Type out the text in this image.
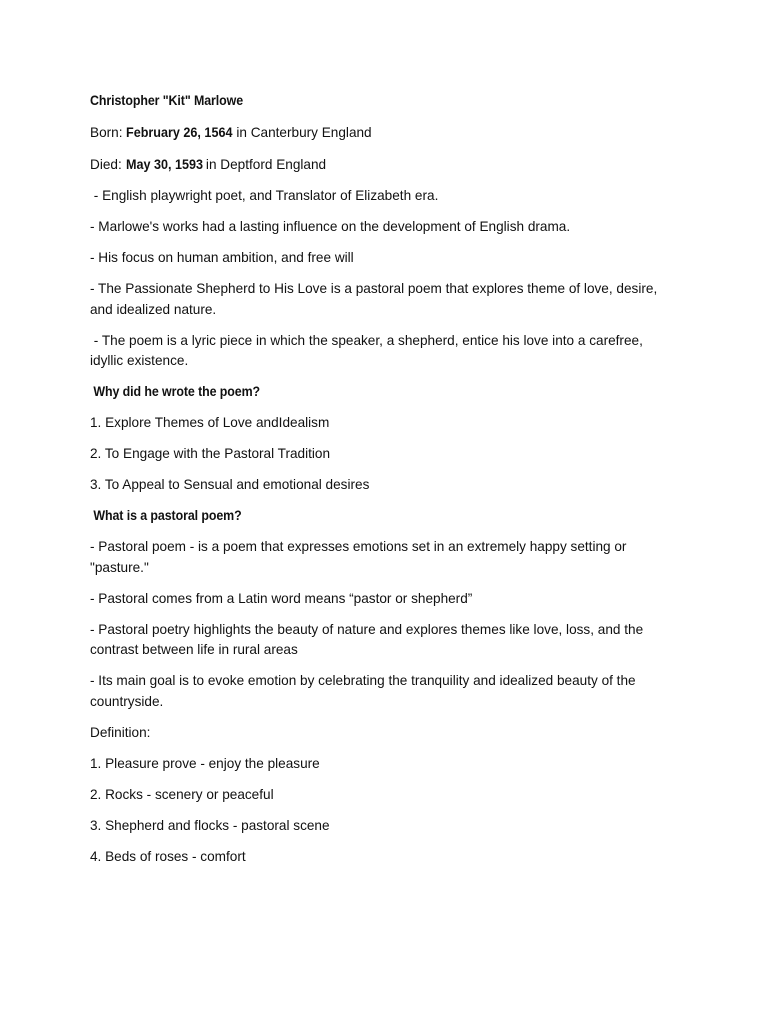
Christopher "Kit" Marlowe

Born: February 26, 1564 in Canterbury England

Died: May 30, 1593 in Deptford England

- English playwright poet, and Translator of Elizabeth era.

- Marlowe's works had a lasting influence on the development of English drama.

- His focus on human ambition, and free will

- The Passionate Shepherd to His Love is a pastoral poem that explores theme of love, desire, and idealized nature.

- The poem is a lyric piece in which the speaker, a shepherd, entice his love into a carefree, idyllic existence.

Why did he wrote the poem?

1. Explore Themes of Love andIdealism

2. To Engage with the Pastoral Tradition

3. To Appeal to Sensual and emotional desires

What is a pastoral poem?

- Pastoral poem - is a poem that expresses emotions set in an extremely happy setting or "pasture."

- Pastoral comes from a Latin word means “pastor or shepherd”

- Pastoral poetry highlights the beauty of nature and explores themes like love, loss, and the contrast between life in rural areas

- Its main goal is to evoke emotion by celebrating the tranquility and idealized beauty of the countryside.

Definition:

1. Pleasure prove - enjoy the pleasure

2. Rocks - scenery or peaceful

3. Shepherd and flocks - pastoral scene

4. Beds of roses - comfort
